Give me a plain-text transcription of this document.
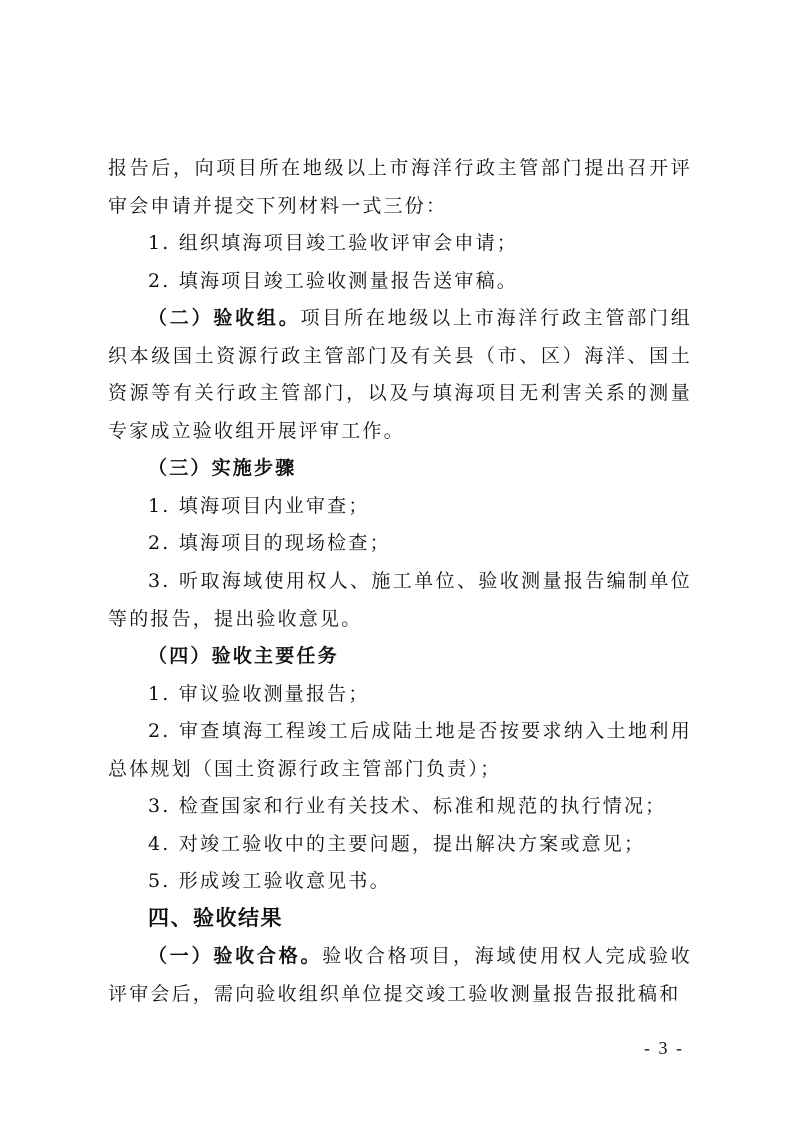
报告后，向项目所在地级以上市海洋行政主管部门提出召开评审会申请并提交下列材料一式三份：

1. 组织填海项目竣工验收评审会申请；

2. 填海项目竣工验收测量报告送审稿。

（二）验收组。项目所在地级以上市海洋行政主管部门组织本级国土资源行政主管部门及有关县（市、区）海洋、国土资源等有关行政主管部门，以及与填海项目无利害关系的测量专家成立验收组开展评审工作。

（三）实施步骤

1. 填海项目内业审查；

2. 填海项目的现场检查；

3. 听取海域使用权人、施工单位、验收测量报告编制单位等的报告，提出验收意见。

（四）验收主要任务

1. 审议验收测量报告；

2. 审查填海工程竣工后成陆土地是否按要求纳入土地利用总体规划（国土资源行政主管部门负责）；

3. 检查国家和行业有关技术、标准和规范的执行情况；

4. 对竣工验收中的主要问题，提出解决方案或意见；

5. 形成竣工验收意见书。

四、验收结果

（一）验收合格。验收合格项目，海域使用权人完成验收评审会后，需向验收组织单位提交竣工验收测量报告报批稿和

- 3 -
